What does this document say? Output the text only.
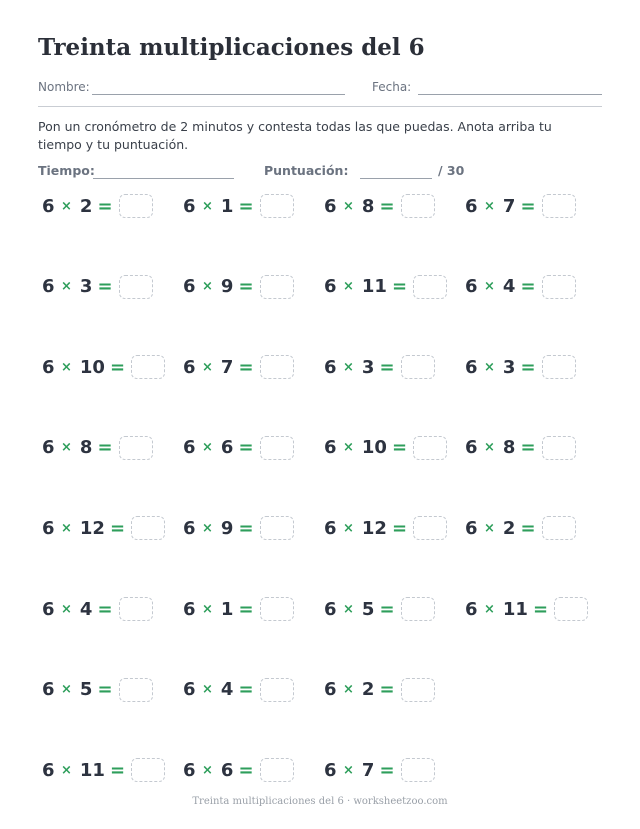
Treinta multiplicaciones del 6
Nombre:	Fecha:
Pon un cronómetro de 2 minutos y contesta todas las que puedas. Anota arriba tu tiempo y tu puntuación.
Tiempo:	Puntuación:	/ 30
6 × 2 =	6 × 1 =	6 × 8 =	6 × 7 =
6 × 3 =	6 × 9 =	6 × 11 =	6 × 4 =
6 × 10 =	6 × 7 =	6 × 3 =	6 × 3 =
6 × 8 =	6 × 6 =	6 × 10 =	6 × 8 =
6 × 12 =	6 × 9 =	6 × 12 =	6 × 2 =
6 × 4 =	6 × 1 =	6 × 5 =	6 × 11 =
6 × 5 =	6 × 4 =	6 × 2 =
6 × 11 =	6 × 6 =	6 × 7 =
Treinta multiplicaciones del 6 · worksheetzoo.com
